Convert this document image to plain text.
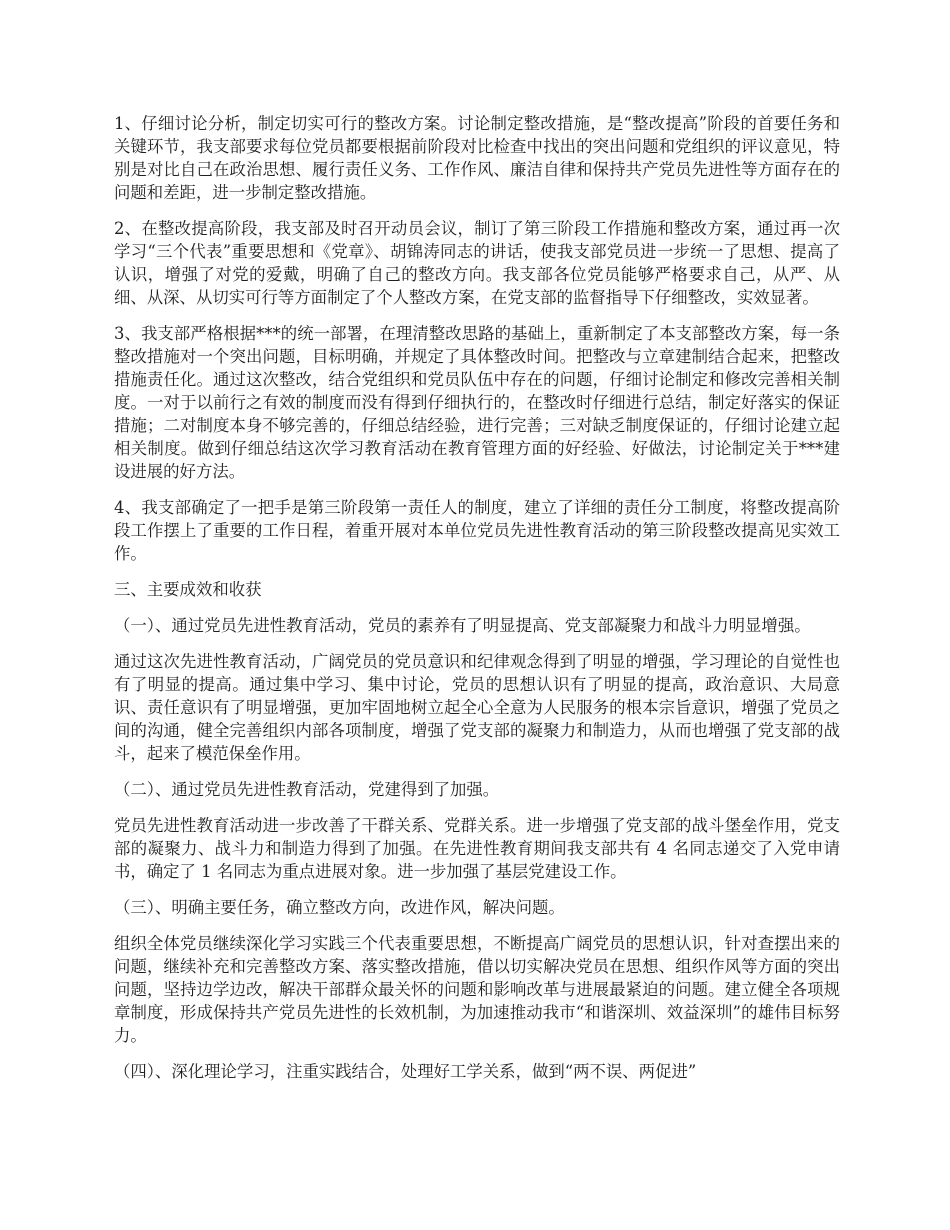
1、仔细讨论分析，制定切实可行的整改方案。讨论制定整改措施，是“整改提高”阶段的首要任务和关键环节，我支部要求每位党员都要根据前阶段对比检查中找出的突出问题和党组织的评议意见，特别是对比自己在政治思想、履行责任义务、工作作风、廉洁自律和保持共产党员先进性等方面存在的问题和差距，进一步制定整改措施。

2、在整改提高阶段，我支部及时召开动员会议，制订了第三阶段工作措施和整改方案，通过再一次学习“三个代表”重要思想和《党章》、胡锦涛同志的讲话，使我支部党员进一步统一了思想、提高了认识，增强了对党的爱戴，明确了自己的整改方向。我支部各位党员能够严格要求自己，从严、从细、从深、从切实可行等方面制定了个人整改方案，在党支部的监督指导下仔细整改，实效显著。

3、我支部严格根据***的统一部署，在理清整改思路的基础上，重新制定了本支部整改方案，每一条整改措施对一个突出问题，目标明确，并规定了具体整改时间。把整改与立章建制结合起来，把整改措施责任化。通过这次整改，结合党组织和党员队伍中存在的问题，仔细讨论制定和修改完善相关制度。一对于以前行之有效的制度而没有得到仔细执行的，在整改时仔细进行总结，制定好落实的保证措施；二对制度本身不够完善的，仔细总结经验，进行完善；三对缺乏制度保证的，仔细讨论建立起相关制度。做到仔细总结这次学习教育活动在教育管理方面的好经验、好做法，讨论制定关于***建设进展的好方法。

4、我支部确定了一把手是第三阶段第一责任人的制度，建立了详细的责任分工制度，将整改提高阶段工作摆上了重要的工作日程，着重开展对本单位党员先进性教育活动的第三阶段整改提高见实效工作。

三、主要成效和收获

（一）、通过党员先进性教育活动，党员的素养有了明显提高、党支部凝聚力和战斗力明显增强。

通过这次先进性教育活动，广阔党员的党员意识和纪律观念得到了明显的增强，学习理论的自觉性也有了明显的提高。通过集中学习、集中讨论，党员的思想认识有了明显的提高，政治意识、大局意识、责任意识有了明显增强，更加牢固地树立起全心全意为人民服务的根本宗旨意识，增强了党员之间的沟通，健全完善组织内部各项制度，增强了党支部的凝聚力和制造力，从而也增强了党支部的战斗，起来了模范保垒作用。

（二）、通过党员先进性教育活动，党建得到了加强。

党员先进性教育活动进一步改善了干群关系、党群关系。进一步增强了党支部的战斗堡垒作用，党支部的凝聚力、战斗力和制造力得到了加强。在先进性教育期间我支部共有 4 名同志递交了入党申请书，确定了 1 名同志为重点进展对象。进一步加强了基层党建设工作。

（三）、明确主要任务，确立整改方向，改进作风，解决问题。

组织全体党员继续深化学习实践三个代表重要思想，不断提高广阔党员的思想认识，针对查摆出来的问题，继续补充和完善整改方案、落实整改措施，借以切实解决党员在思想、组织作风等方面的突出问题，坚持边学边改，解决干部群众最关怀的问题和影响改革与进展最紧迫的问题。建立健全各项规章制度，形成保持共产党员先进性的长效机制，为加速推动我市“和谐深圳、效益深圳”的雄伟目标努力。

（四）、深化理论学习，注重实践结合，处理好工学关系，做到“两不误、两促进”
